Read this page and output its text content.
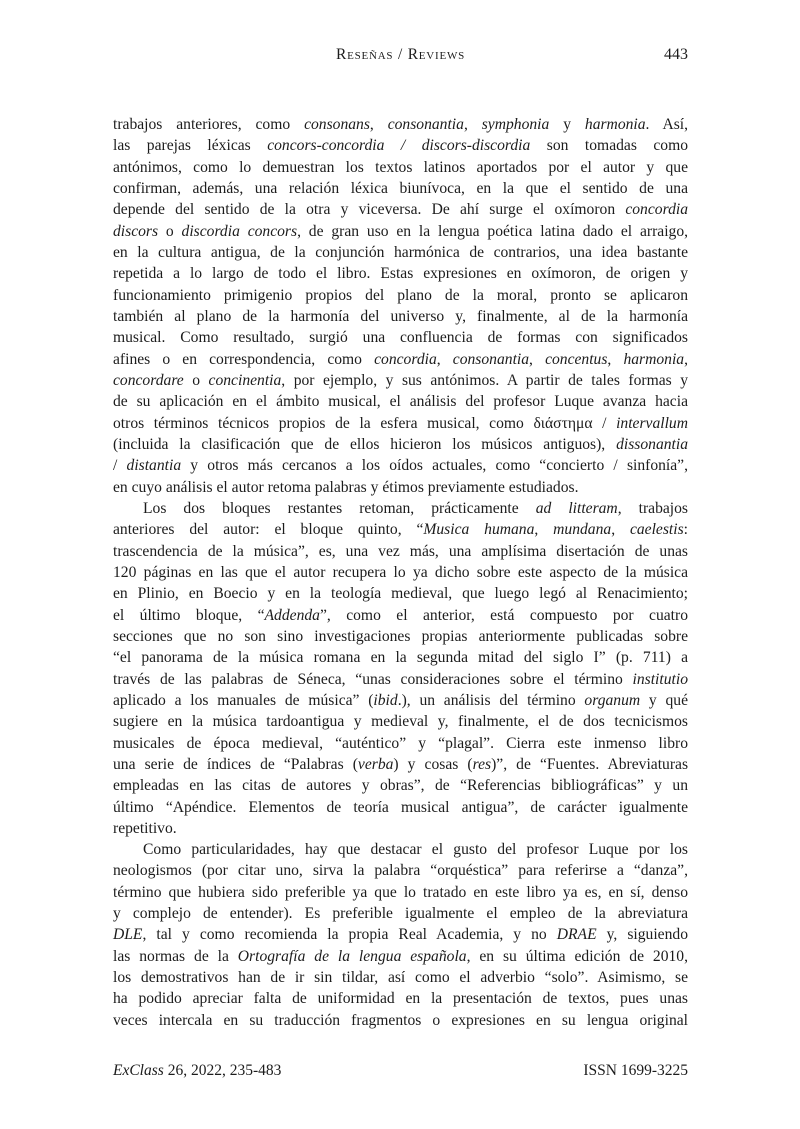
Reseñas / Reviews	443
trabajos anteriores, como consonans, consonantia, symphonia y harmonia. Así,
las parejas léxicas concors-concordia / discors-discordia son tomadas como
antónimos, como lo demuestran los textos latinos aportados por el autor y que
confirman, además, una relación léxica biunívoca, en la que el sentido de una
depende del sentido de la otra y viceversa. De ahí surge el oxímoron concordia
discors o discordia concors, de gran uso en la lengua poética latina dado el arraigo,
en la cultura antigua, de la conjunción harmónica de contrarios, una idea bastante
repetida a lo largo de todo el libro. Estas expresiones en oxímoron, de origen y
funcionamiento primigenio propios del plano de la moral, pronto se aplicaron
también al plano de la harmonía del universo y, finalmente, al de la harmonía
musical. Como resultado, surgió una confluencia de formas con significados
afines o en correspondencia, como concordia, consonantia, concentus, harmonia,
concordare o concinentia, por ejemplo, y sus antónimos. A partir de tales formas y
de su aplicación en el ámbito musical, el análisis del profesor Luque avanza hacia
otros términos técnicos propios de la esfera musical, como διάστημα / intervallum
(incluida la clasificación que de ellos hicieron los músicos antiguos), dissonantia
/ distantia y otros más cercanos a los oídos actuales, como “concierto / sinfonía”,
en cuyo análisis el autor retoma palabras y étimos previamente estudiados.
Los dos bloques restantes retoman, prácticamente ad litteram, trabajos
anteriores del autor: el bloque quinto, “Musica humana, mundana, caelestis:
trascendencia de la música”, es, una vez más, una amplísima disertación de unas
120 páginas en las que el autor recupera lo ya dicho sobre este aspecto de la música
en Plinio, en Boecio y en la teología medieval, que luego legó al Renacimiento;
el último bloque, “Addenda”, como el anterior, está compuesto por cuatro
secciones que no son sino investigaciones propias anteriormente publicadas sobre
“el panorama de la música romana en la segunda mitad del siglo I” (p. 711) a
través de las palabras de Séneca, “unas consideraciones sobre el término institutio
aplicado a los manuales de música” (ibid.), un análisis del término organum y qué
sugiere en la música tardoantigua y medieval y, finalmente, el de dos tecnicismos
musicales de época medieval, “auténtico” y “plagal”. Cierra este inmenso libro
una serie de índices de “Palabras (verba) y cosas (res)”, de “Fuentes. Abreviaturas
empleadas en las citas de autores y obras”, de “Referencias bibliográficas” y un
último “Apéndice. Elementos de teoría musical antigua”, de carácter igualmente
repetitivo.
Como particularidades, hay que destacar el gusto del profesor Luque por los
neologismos (por citar uno, sirva la palabra “orquéstica” para referirse a “danza”,
término que hubiera sido preferible ya que lo tratado en este libro ya es, en sí, denso
y complejo de entender). Es preferible igualmente el empleo de la abreviatura
DLE, tal y como recomienda la propia Real Academia, y no DRAE y, siguiendo
las normas de la Ortografía de la lengua española, en su última edición de 2010,
los demostrativos han de ir sin tildar, así como el adverbio “solo”. Asimismo, se
ha podido apreciar falta de uniformidad en la presentación de textos, pues unas
veces intercala en su traducción fragmentos o expresiones en su lengua original
ExClass 26, 2022, 235-483	ISSN 1699-3225
